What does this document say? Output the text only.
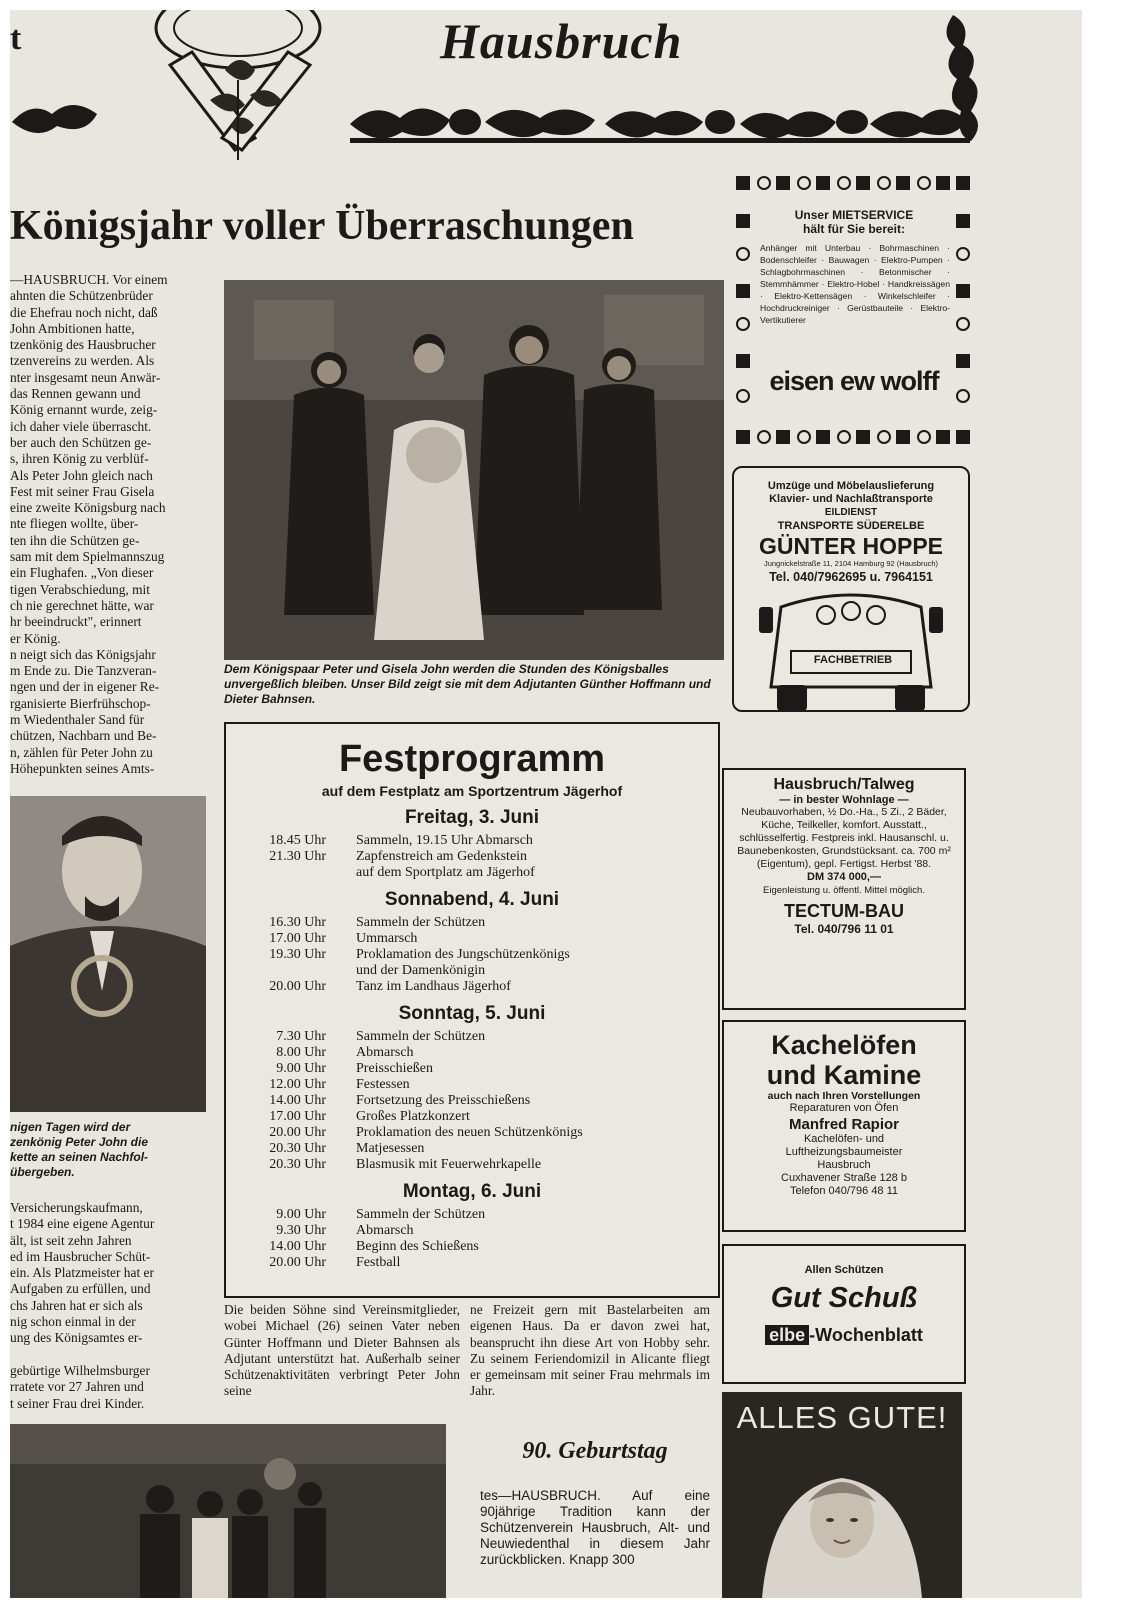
t	Hausbruch
Königsjahr voller Überraschungen
—HAUSBRUCH. Vor einem
ahnten die Schützenbrüder
die Ehefrau noch nicht, daß
John Ambitionen hatte,
tzenkönig des Hausbrucher
tzenvereins zu werden. Als
nter insgesamt neun Anwär-
das Rennen gewann und
König ernannt wurde, zeig-
ich daher viele überrascht.
ber auch den Schützen ge-
s, ihren König zu verblüf-
Als Peter John gleich nach
Fest mit seiner Frau Gisela
eine zweite Königsburg nach
nte fliegen wollte, über-
ten ihn die Schützen ge-
sam mit dem Spielmannszug
ein Flughafen. „Von dieser
tigen Verabschiedung, mit
ch nie gerechnet hätte, war
hr beeindruckt", erinnert
er König.
n neigt sich das Königsjahr
m Ende zu. Die Tanzveran-
ngen und der in eigener Re-
rganisierte Bierfrühschop-
m Wiedenthaler Sand für
chützen, Nachbarn und Be-
n, zählen für Peter John zu
Höhepunkten seines Amts-
Dem Königspaar Peter und Gisela John werden die Stunden des Königsballes unvergeßlich bleiben. Unser Bild zeigt sie mit dem Adjutanten Günther Hoffmann und Dieter Bahnsen.
nigen Tagen wird der
zenkönig Peter John die
kette an seinen Nachfol-
übergeben.
Versicherungskaufmann,
t 1984 eine eigene Agentur
ält, ist seit zehn Jahren
ed im Hausbrucher Schüt-
ein. Als Platzmeister hat er
Aufgaben zu erfüllen, und
chs Jahren hat er sich als
nig schon einmal in der
ung des Königsamtes er-

gebürtige Wilhelmsburger
rratete vor 27 Jahren und
t seiner Frau drei Kinder.
Festprogramm
auf dem Festplatz am Sportzentrum Jägerhof
Freitag, 3. Juni
18.45 Uhr	Sammeln, 19.15 Uhr Abmarsch
21.30 Uhr	Zapfenstreich am Gedenkstein
auf dem Sportplatz am Jägerhof
Sonnabend, 4. Juni
16.30 Uhr	Sammeln der Schützen
17.00 Uhr	Ummarsch
19.30 Uhr	Proklamation des Jungschützenkönigs
und der Damenkönigin
20.00 Uhr	Tanz im Landhaus Jägerhof
Sonntag, 5. Juni
7.30 Uhr	Sammeln der Schützen
8.00 Uhr	Abmarsch
9.00 Uhr	Preisschießen
12.00 Uhr	Festessen
14.00 Uhr	Fortsetzung des Preisschießens
17.00 Uhr	Großes Platzkonzert
20.00 Uhr	Proklamation des neuen Schützenkönigs
20.30 Uhr	Matjesessen
20.30 Uhr	Blasmusik mit Feuerwehrkapelle
Montag, 6. Juni
9.00 Uhr	Sammeln der Schützen
9.30 Uhr	Abmarsch
14.00 Uhr	Beginn des Schießens
20.00 Uhr	Festball
Die beiden Söhne sind Vereinsmitglieder, wobei Michael (26) seinen Vater neben Günter Hoffmann und Dieter Bahnsen als Adjutant unterstützt hat. Außerhalb seiner Schützenaktivitäten verbringt Peter John seine
ne Freizeit gern mit Bastelarbeiten am eigenen Haus. Da er davon zwei hat, beansprucht ihn diese Art von Hobby sehr. Zu seinem Feriendomizil in Alicante fliegt er gemeinsam mit seiner Frau mehrmals im Jahr.
90. Geburtstag
tes—HAUSBRUCH. Auf eine 90jährige Tradition kann der Schützenverein Hausbruch, Alt- und Neuwiedenthal in diesem Jahr zurückblicken. Knapp 300
Unser MIETSERVICE
hält für Sie bereit:
Anhänger mit Unterbau · Bohrmaschinen · Bodenschleifer · Bauwagen · Elektro-Pumpen · Schlagbohrmaschinen · Betonmischer · Stemmhämmer · Elektro-Hobel · Handkreissägen · Elektro-Kettensägen · Winkelschleifer · Hochdruckreiniger · Gerüstbauteile · Elektro-Vertikutierer
eisen ew wolff
Umzüge und Möbelauslieferung
Klavier- und Nachlaßtransporte
EILDIENST
TRANSPORTE SÜDERELBE
GÜNTER HOPPE
Jungnickelstraße 11, 2104 Hamburg 92 (Hausbruch)
Tel. 040/7962695 u. 7964151
FACHBETRIEB
Hausbruch/Talweg
— in bester Wohnlage —
Neubauvorhaben, ½ Do.-Ha., 5 Zi., 2 Bäder, Küche, Teilkeller, komfort. Ausstatt., schlüsselfertig. Festpreis inkl. Hausanschl. u. Baunebenkosten, Grundstücksant. ca. 700 m² (Eigentum), gepl. Fertigst. Herbst '88.
DM 374 000,—
Eigenleistung u. öffentl. Mittel möglich.
TECTUM-BAU
Tel. 040/796 11 01
Kachelöfen
und Kamine
auch nach Ihren Vorstellungen
Reparaturen von Öfen
Manfred Rapior
Kachelöfen- und
Luftheizungsbaumeister
Hausbruch
Cuxhavener Straße 128 b
Telefon 040/796 48 11
Allen Schützen
Gut Schuß
elbe -Wochenblatt
ALLES GUTE!
